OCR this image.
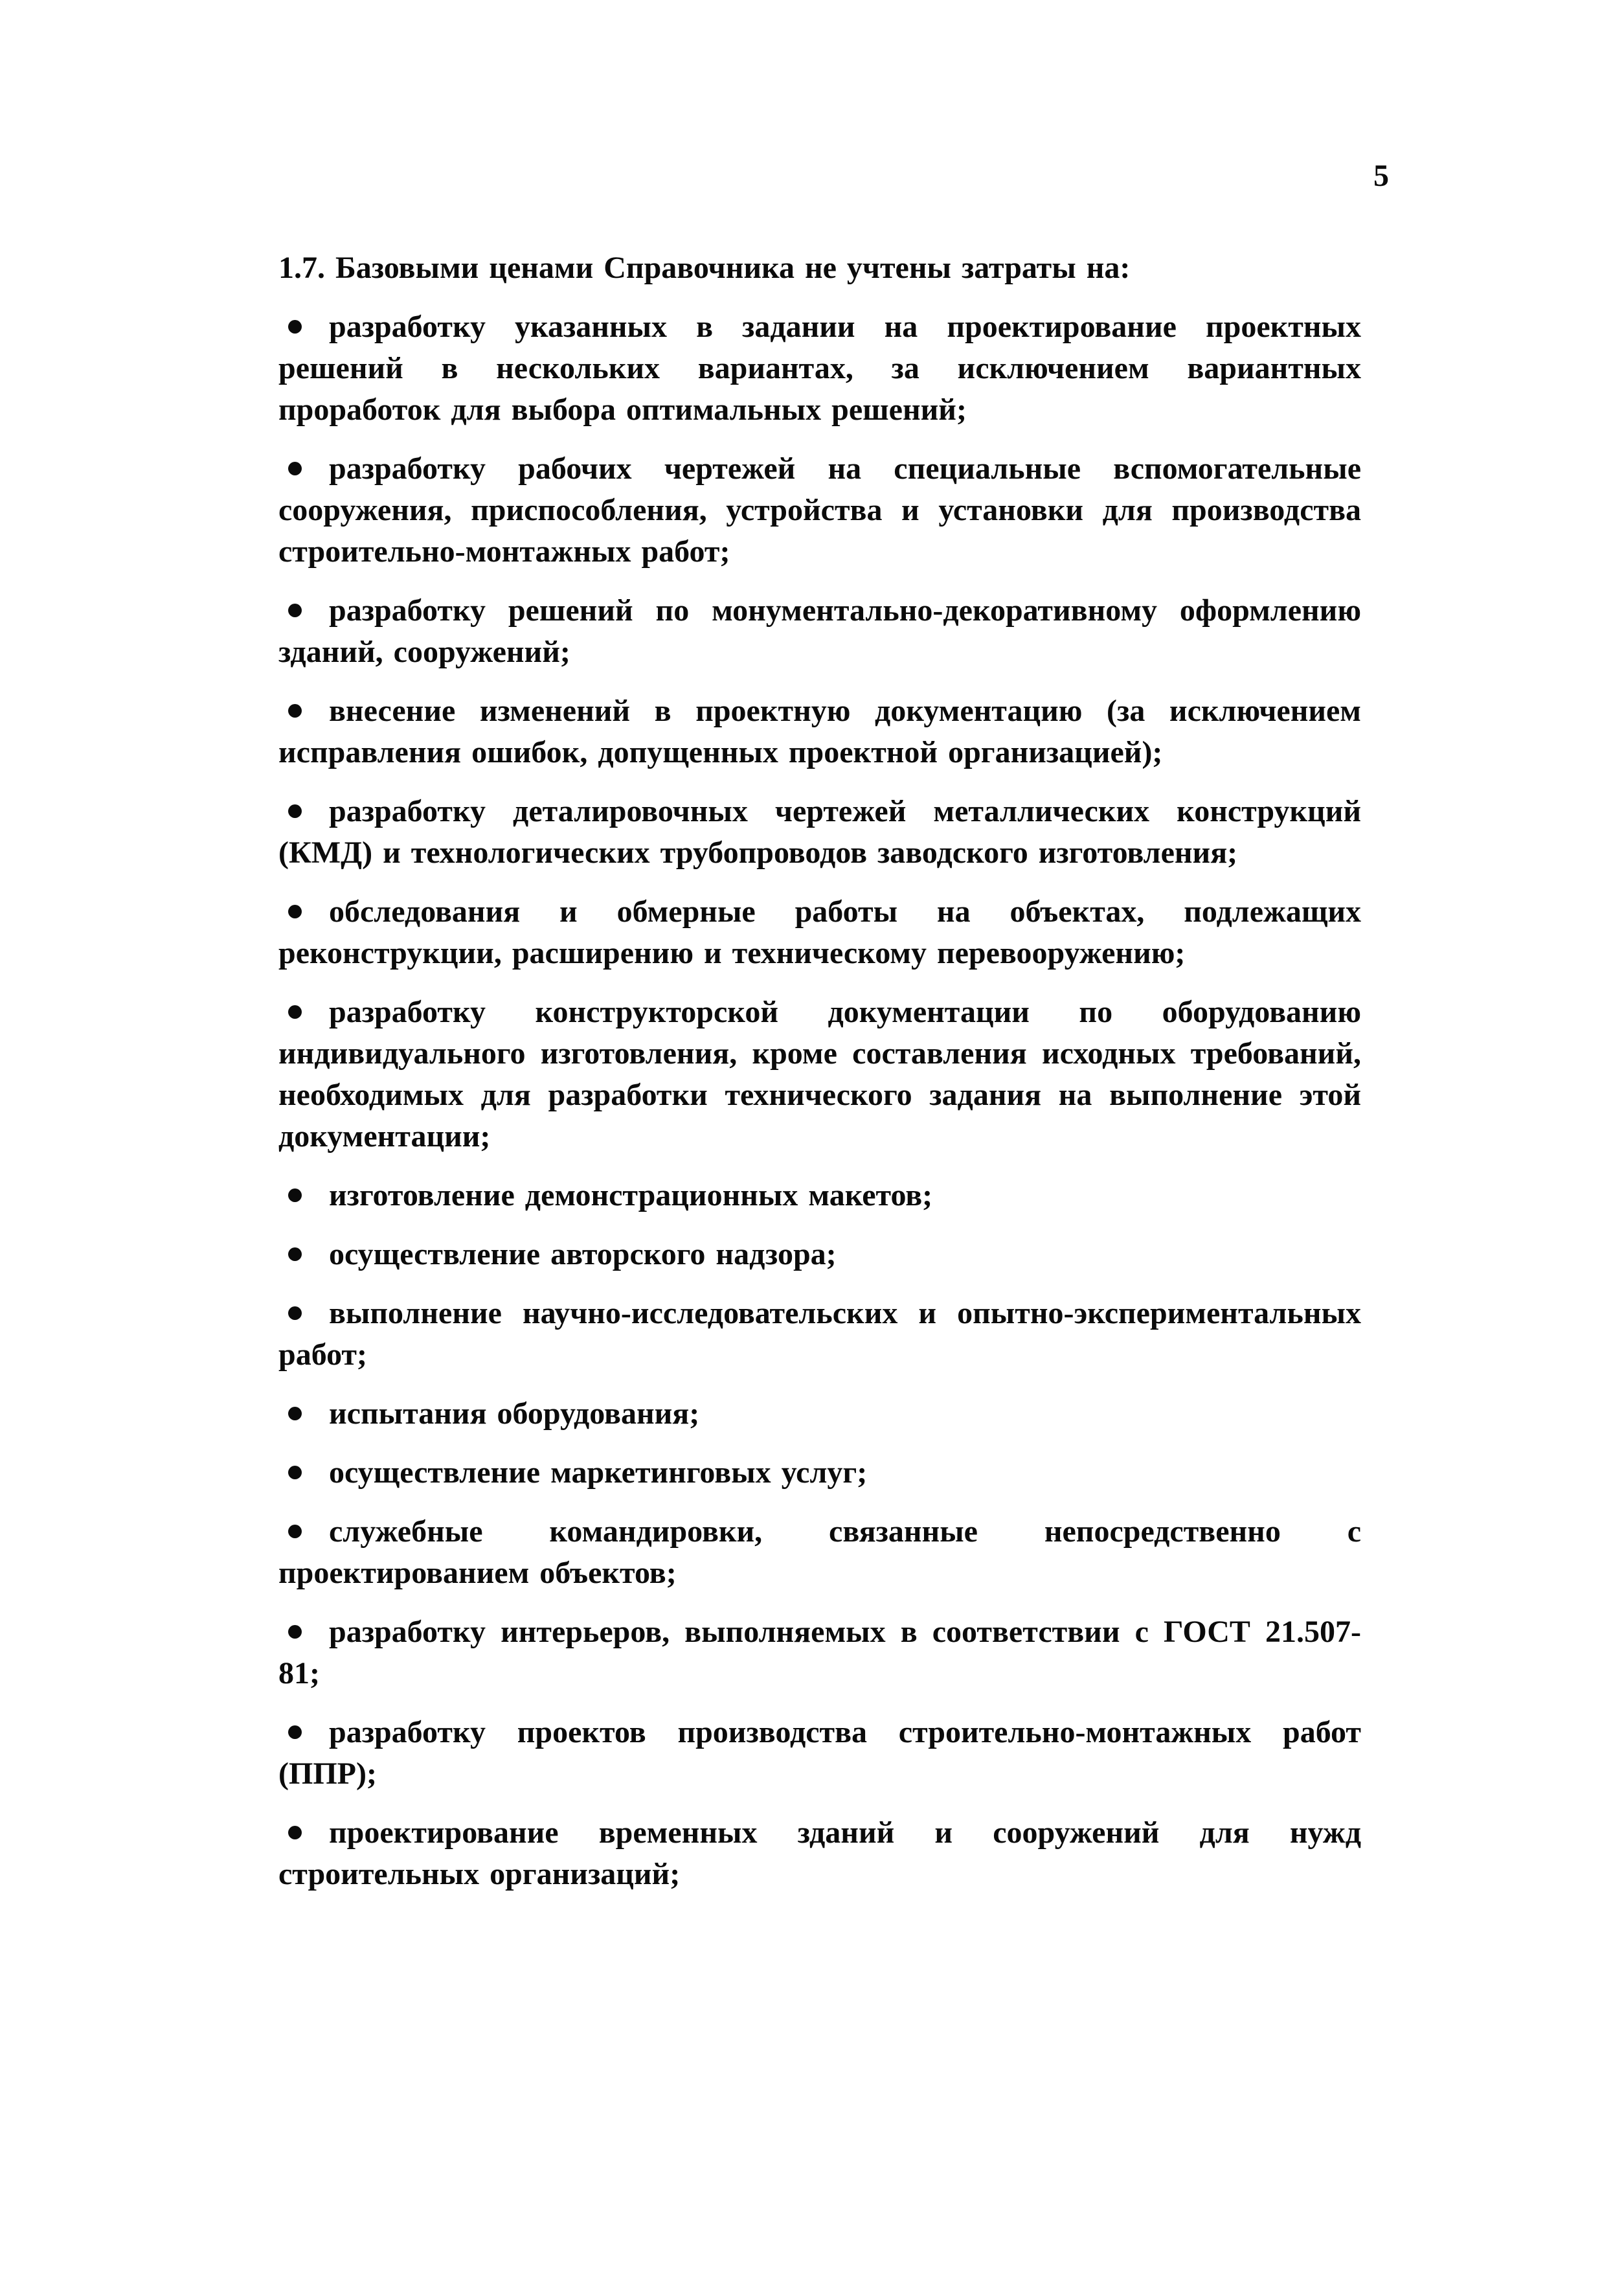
5

1.7. Базовыми ценами Справочника не учтены затраты на:

разработку указанных в задании на проектирование проектных решений в нескольких вариантах, за исключением вариантных проработок для выбора оптимальных решений;

разработку рабочих чертежей на специальные вспомогательные сооружения, приспособления, устройства и установки для производства строительно-монтажных работ;

разработку решений по монументально-декоративному оформлению зданий, сооружений;

внесение изменений в проектную документацию (за исключением исправления ошибок, допущенных проектной организацией);

разработку деталировочных чертежей металлических конструкций (КМД) и технологических трубопроводов заводского изготовления;

обследования и обмерные работы на объектах, подлежащих реконструкции, расширению и техническому перевооружению;

разработку конструкторской документации по оборудованию индивидуального изготовления, кроме составления исходных требований, необходимых для разработки технического задания на выполнение этой документации;

изготовление демонстрационных макетов;

осуществление авторского надзора;

выполнение научно-исследовательских и опытно-экспериментальных работ;

испытания оборудования;

осуществление маркетинговых услуг;

служебные командировки, связанные непосредственно с проектированием объектов;

разработку интерьеров, выполняемых в соответствии с ГОСТ 21.507-81;

разработку проектов производства строительно-монтажных работ (ППР);

проектирование временных зданий и сооружений для нужд строительных организаций;
